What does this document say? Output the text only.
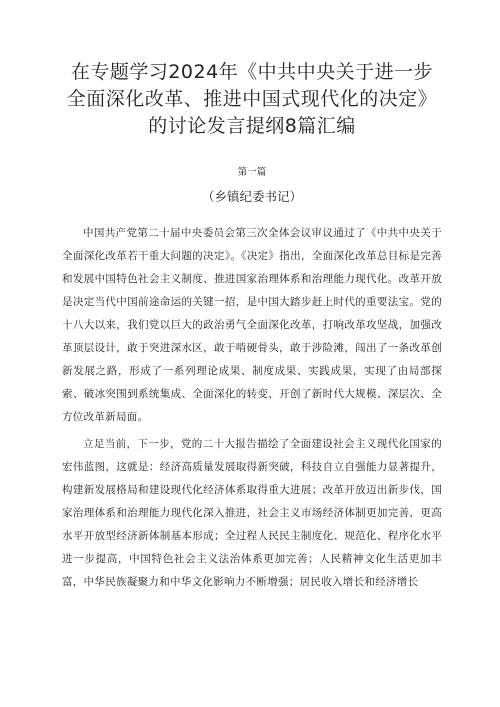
在专题学习2024年《中共中央关于进一步
全面深化改革、推进中国式现代化的决定》
的讨论发言提纲8篇汇编
第一篇
（乡镇纪委书记）

中国共产党第二十届中央委员会第三次全体会议审议通过了《中共中央关于全面深化改革若干重大问题的决定》。《决定》指出，全面深化改革总目标是完善和发展中国特色社会主义制度、推进国家治理体系和治理能力现代化。改革开放是决定当代中国前途命运的关键一招，是中国大踏步赶上时代的重要法宝。党的十八大以来，我们党以巨大的政治勇气全面深化改革，打响改革攻坚战，加强改革顶层设计，敢于突进深水区，敢于啃硬骨头，敢于涉险滩，闯出了一条改革创新发展之路，形成了一系列理论成果、制度成果、实践成果，实现了由局部探索、破冰突围到系统集成、全面深化的转变，开创了新时代大规模、深层次、全方位改革新局面。

立足当前，下一步，党的二十大报告描绘了全面建设社会主义现代化国家的宏伟蓝图，这就是：经济高质量发展取得新突破，科技自立自强能力显著提升，构建新发展格局和建设现代化经济体系取得重大进展；改革开放迈出新步伐，国家治理体系和治理能力现代化深入推进，社会主义市场经济体制更加完善，更高水平开放型经济新体制基本形成；全过程人民民主制度化、规范化、程序化水平进一步提高，中国特色社会主义法治体系更加完善；人民精神文化生活更加丰富，中华民族凝聚力和中华文化影响力不断增强；居民收入增长和经济增长
